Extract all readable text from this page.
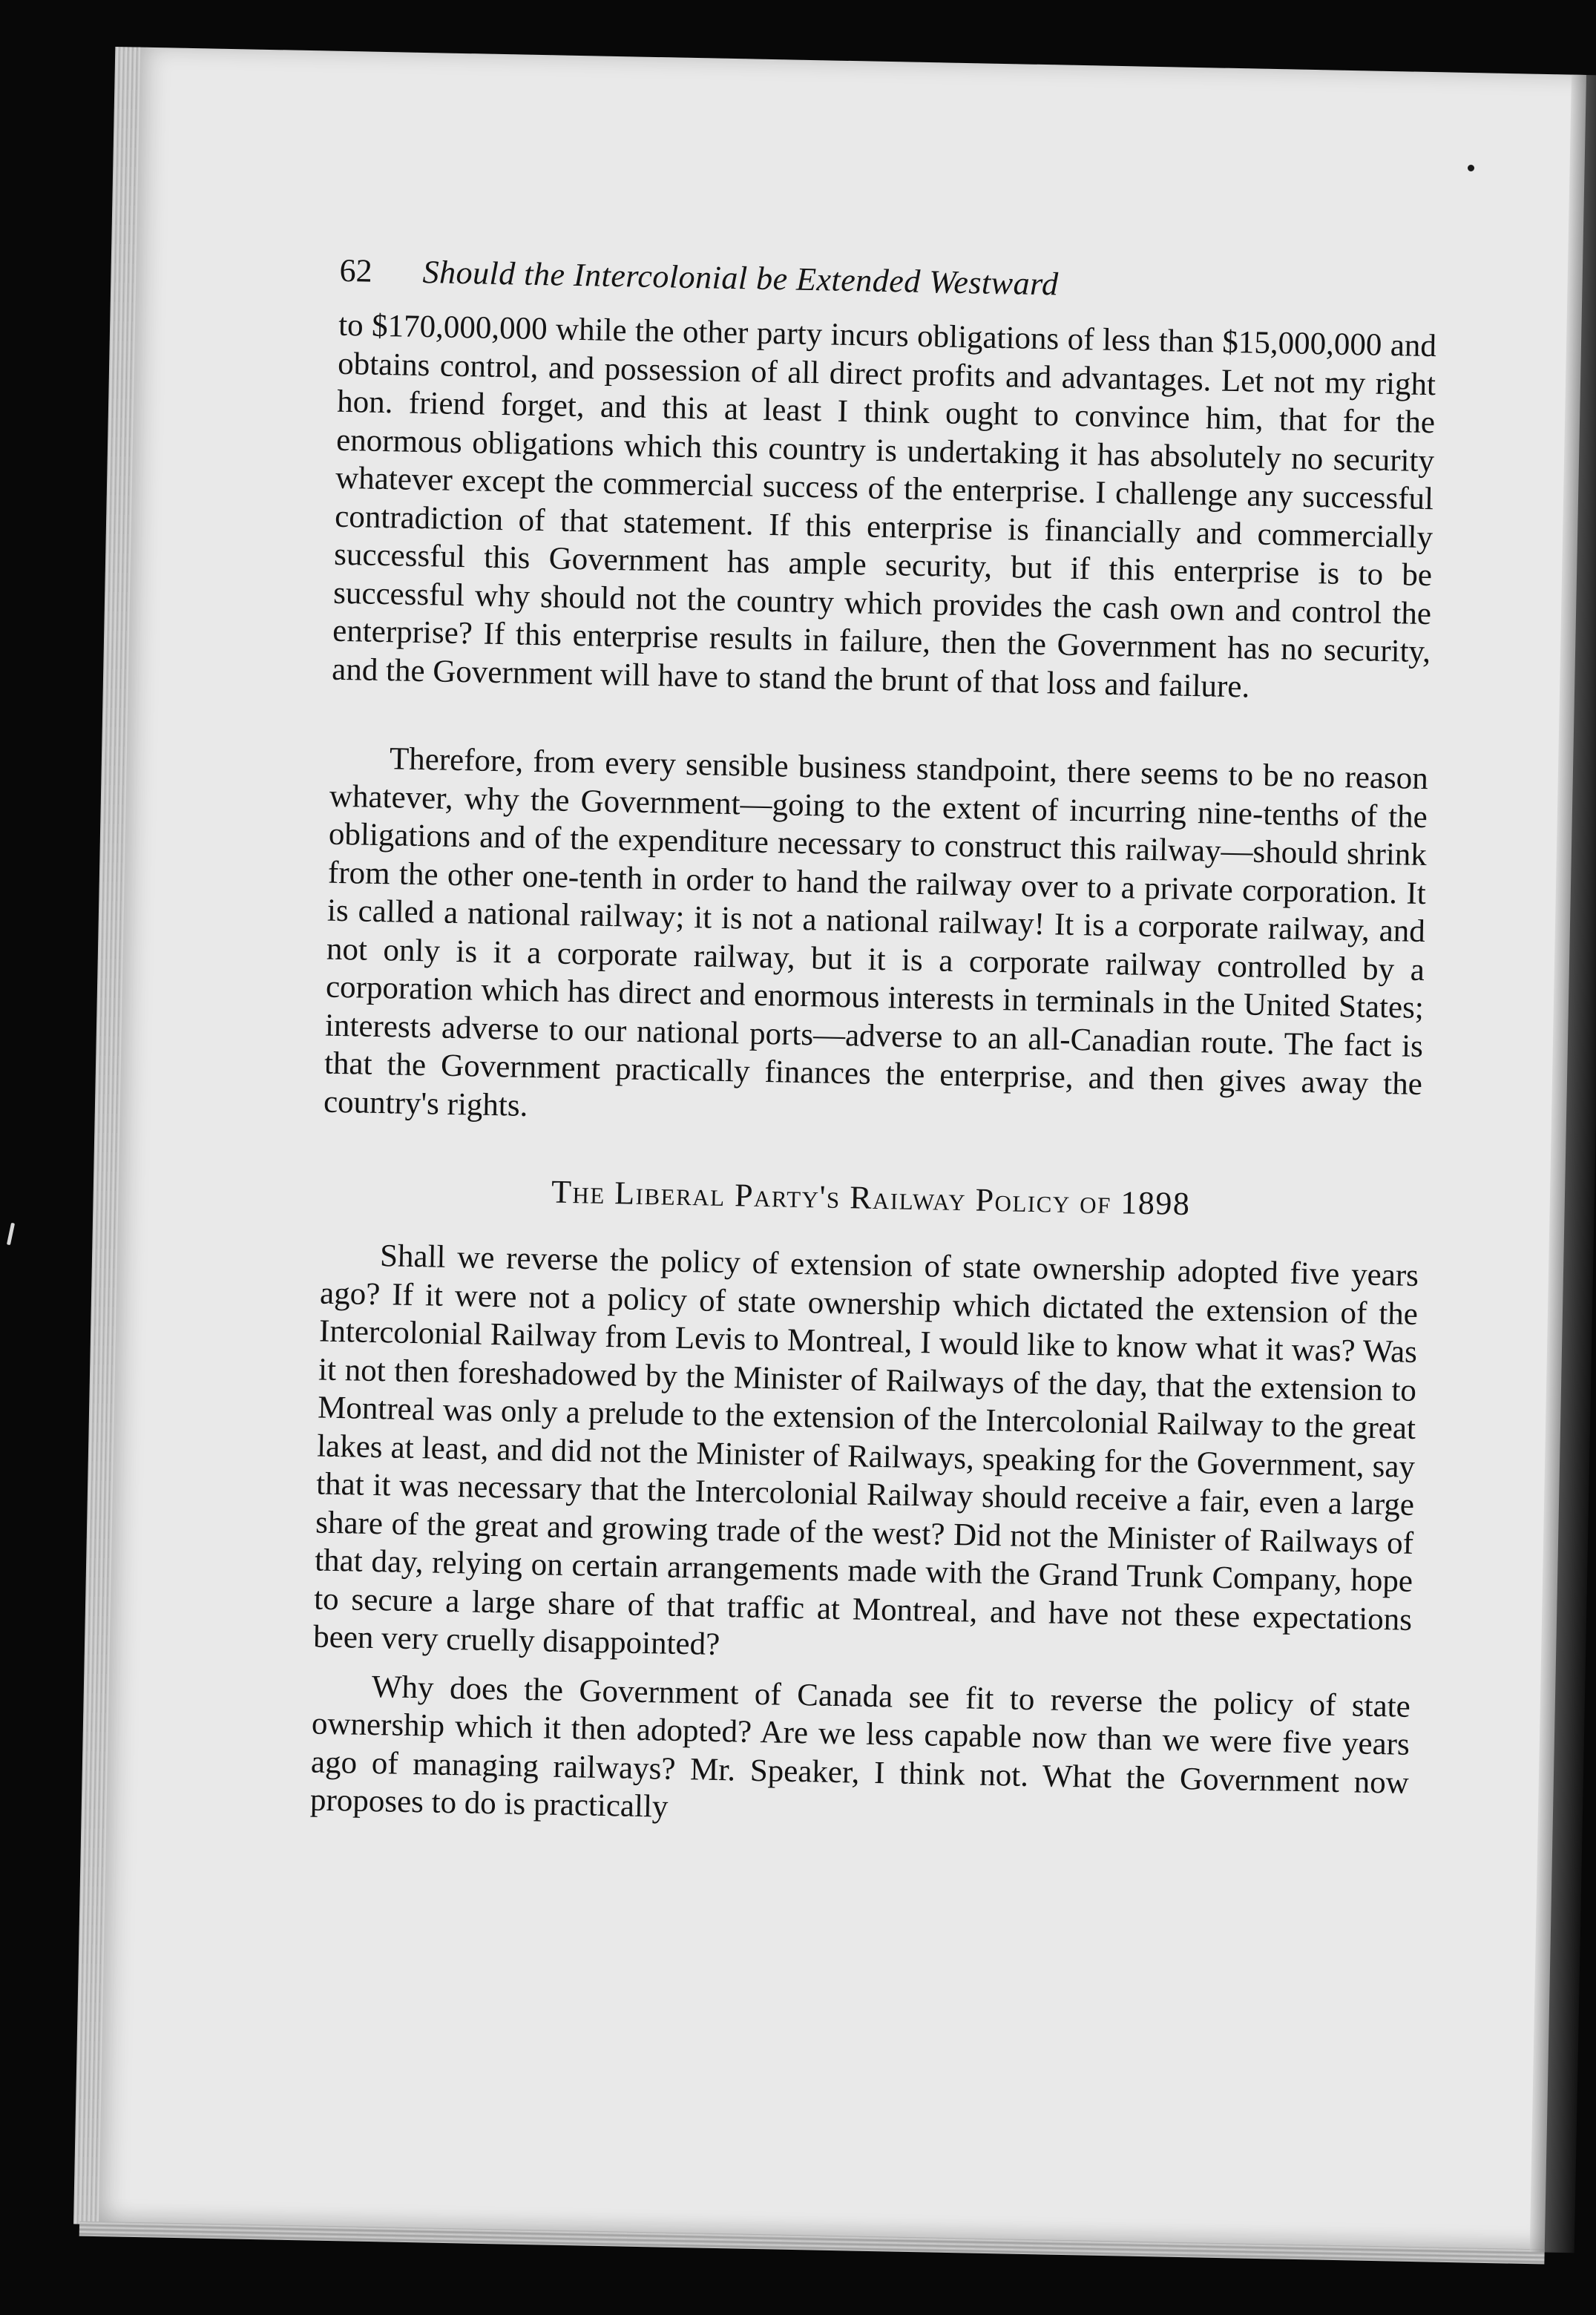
62 Should the Intercolonial be Extended Westward

to $170,000,000 while the other party incurs obligations of less than $15,000,000 and obtains control, and possession of all direct profits and advantages. Let not my right hon. friend forget, and this at least I think ought to convince him, that for the enormous obligations which this country is undertaking it has absolutely no security whatever except the commercial success of the enterprise. I challenge any successful contradiction of that statement. If this enterprise is financially and commercially successful this Government has ample security, but if this enterprise is to be successful why should not the country which provides the cash own and control the enterprise? If this enterprise results in failure, then the Government has no security, and the Government will have to stand the brunt of that loss and failure.

Therefore, from every sensible business standpoint, there seems to be no reason whatever, why the Government—going to the extent of incurring nine-tenths of the obligations and of the expenditure necessary to construct this railway—should shrink from the other one-tenth in order to hand the railway over to a private corporation. It is called a national railway; it is not a national railway! It is a corporate railway, and not only is it a corporate railway, but it is a corporate railway controlled by a corporation which has direct and enormous interests in terminals in the United States; interests adverse to our national ports—adverse to an all-Canadian route. The fact is that the Government practically finances the enterprise, and then gives away the country's rights.

The Liberal Party's Railway Policy of 1898

Shall we reverse the policy of extension of state ownership adopted five years ago? If it were not a policy of state ownership which dictated the extension of the Intercolonial Railway from Levis to Montreal, I would like to know what it was? Was it not then foreshadowed by the Minister of Railways of the day, that the extension to Montreal was only a prelude to the extension of the Intercolonial Railway to the great lakes at least, and did not the Minister of Railways, speaking for the Government, say that it was necessary that the Intercolonial Railway should receive a fair, even a large share of the great and growing trade of the west? Did not the Minister of Railways of that day, relying on certain arrangements made with the Grand Trunk Company, hope to secure a large share of that traffic at Montreal, and have not these expectations been very cruelly disappointed?

Why does the Government of Canada see fit to reverse the policy of state ownership which it then adopted? Are we less capable now than we were five years ago of managing railways? Mr. Speaker, I think not. What the Government now proposes to do is practically
